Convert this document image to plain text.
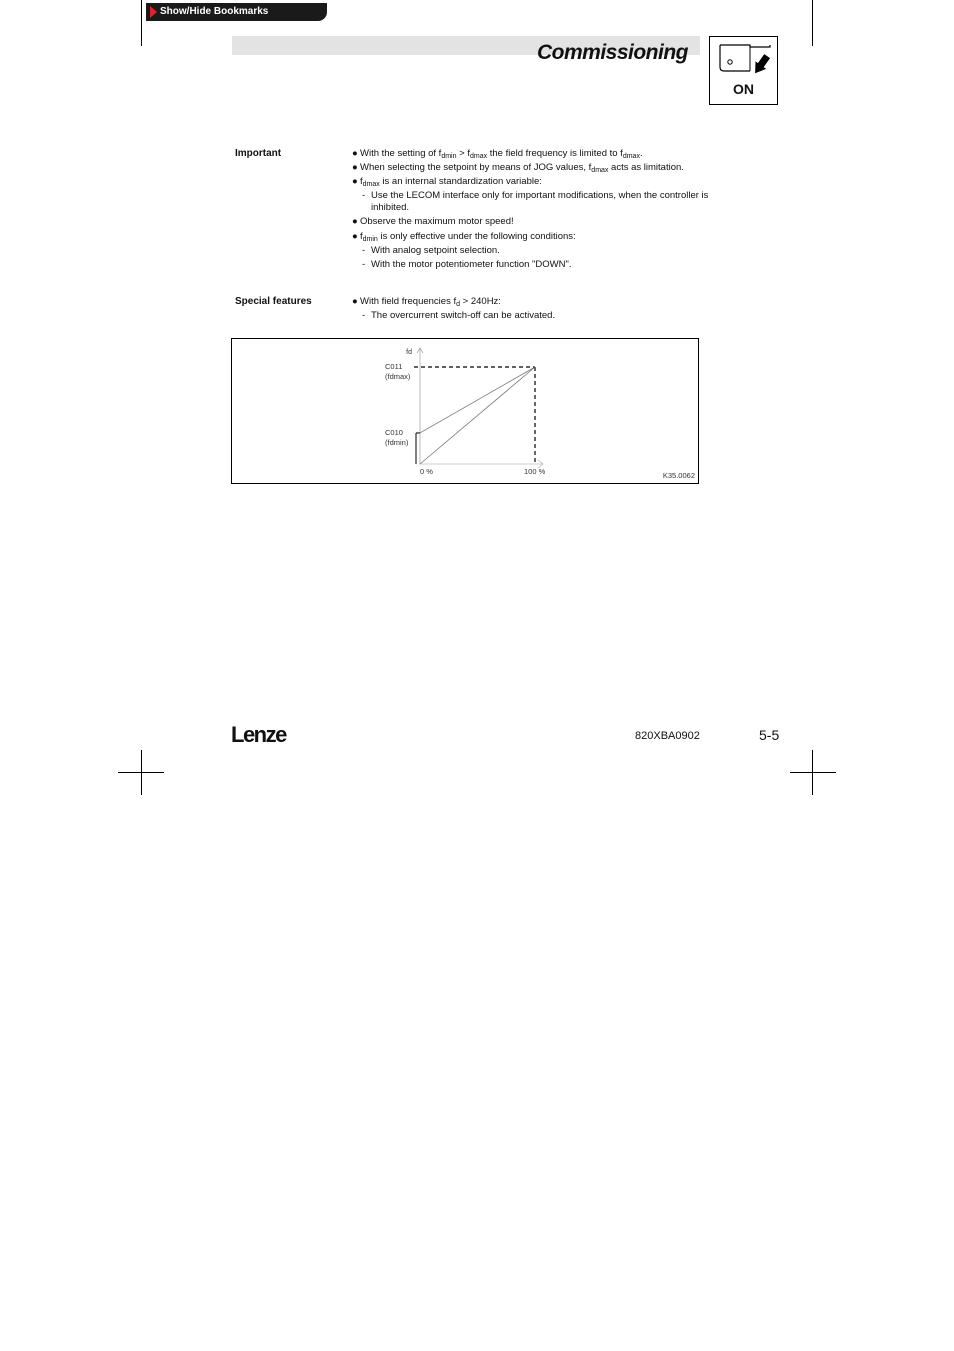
Show/Hide Bookmarks
Commissioning
ON
Important	● With the setting of $f_{dmin} > f_{dmax}$ the field frequency is limited to $f_{dmax}$.
● When selecting the setpoint by means of JOG values, $f_{dmax}$ acts as limitation.
● $f_{dmax}$ is an internal standardization variable:
- Use the LECOM interface only for important modifications, when the controller is
inhibited.
● Observe the maximum motor speed!
● $f_{dmin}$ is only effective under the following conditions:
- With analog setpoint selection.
- With the motor potentiometer function "DOWN".
Special features	● With field frequencies $f_d > 240Hz$:
- The overcurrent switch-off can be activated.
fd
C011
(fdmax)
C010
(fdmin)
0 %	100 %	K35.0062
Lenze	820XBA0902	5-5
